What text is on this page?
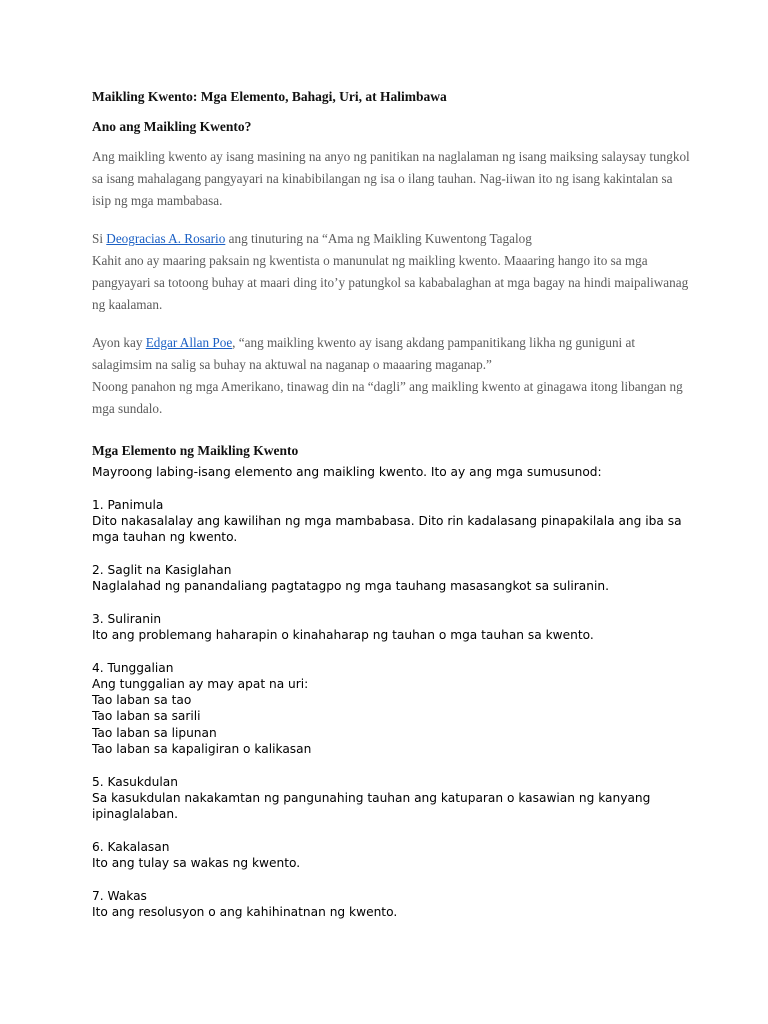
Maikling Kwento: Mga Elemento, Bahagi, Uri, at Halimbawa
Ano ang Maikling Kwento?

Ang maikling kwento ay isang masining na anyo ng panitikan na naglalaman ng isang maiksing salaysay tungkol sa isang mahalagang pangyayari na kinabibilangan ng isa o ilang tauhan. Nag-iiwan ito ng isang kakintalan sa isip ng mga mambabasa.

Si Deogracias A. Rosario ang tinuturing na “Ama ng Maikling Kuwentong Tagalog
Kahit ano ay maaring paksain ng kwentista o manunulat ng maikling kwento. Maaaring hango ito sa mga pangyayari sa totoong buhay at maari ding ito’y patungkol sa kababalaghan at mga bagay na hindi maipaliwanag ng kaalaman.

Ayon kay Edgar Allan Poe, “ang maikling kwento ay isang akdang pampanitikang likha ng guniguni at salagimsim na salig sa buhay na aktuwal na naganap o maaaring maganap.”
Noong panahon ng mga Amerikano, tinawag din na “dagli” ang maikling kwento at ginagawa itong libangan ng mga sundalo.

Mga Elemento ng Maikling Kwento

Mayroong labing-isang elemento ang maikling kwento. Ito ay ang mga sumusunod:

1. Panimula

Dito nakasalalay ang kawilihan ng mga mambabasa. Dito rin kadalasang pinapakilala ang iba sa mga tauhan ng kwento.

2. Saglit na Kasiglahan

Naglalahad ng panandaliang pagtatagpo ng mga tauhang masasangkot sa suliranin.

3. Suliranin

Ito ang problemang haharapin o kinahaharap ng tauhan o mga tauhan sa kwento.

4. Tunggalian

Ang tunggalian ay may apat na uri:

Tao laban sa tao

Tao laban sa sarili

Tao laban sa lipunan

Tao laban sa kapaligiran o kalikasan

5. Kasukdulan

Sa kasukdulan nakakamtan ng pangunahing tauhan ang katuparan o kasawian ng kanyang ipinaglalaban.

6. Kakalasan

Ito ang tulay sa wakas ng kwento.

7. Wakas

Ito ang resolusyon o ang kahihinatnan ng kwento.
